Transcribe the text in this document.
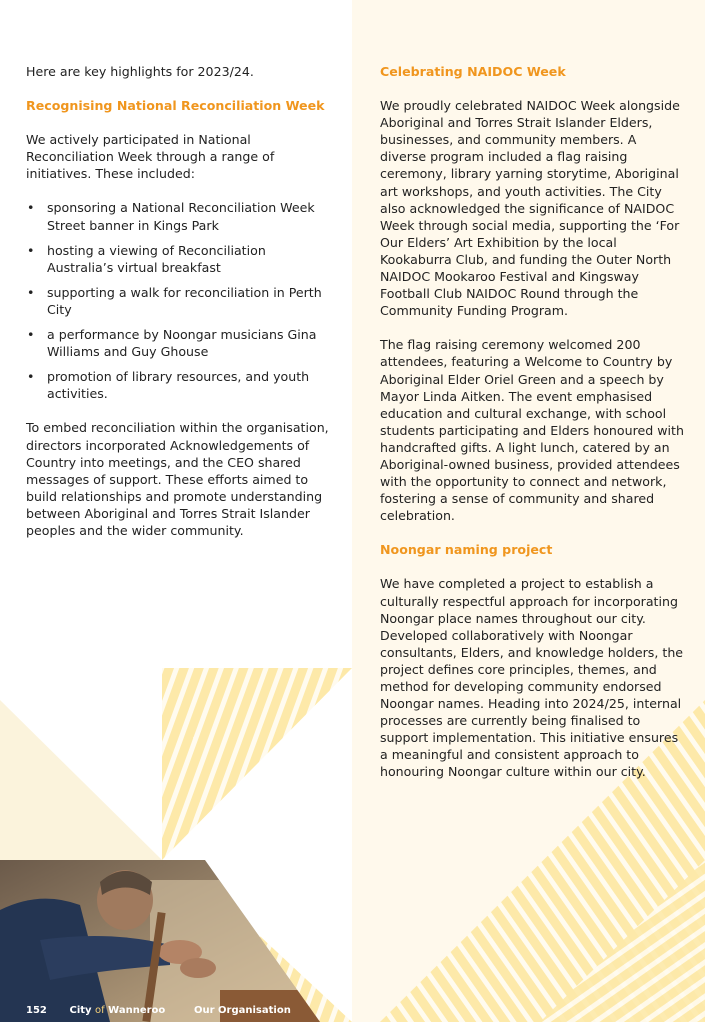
Here are key highlights for 2023/24.

Recognising National Reconciliation Week

We actively participated in National Reconciliation Week through a range of initiatives. These included:

• sponsoring a National Reconciliation Week Street banner in Kings Park
• hosting a viewing of Reconciliation Australia’s virtual breakfast
• supporting a walk for reconciliation in Perth City
• a performance by Noongar musicians Gina Williams and Guy Ghouse
• promotion of library resources, and youth activities.

To embed reconciliation within the organisation, directors incorporated Acknowledgements of Country into meetings, and the CEO shared messages of support. These efforts aimed to build relationships and promote understanding between Aboriginal and Torres Strait Islander peoples and the wider community.

Celebrating NAIDOC Week

We proudly celebrated NAIDOC Week alongside Aboriginal and Torres Strait Islander Elders, businesses, and community members. A diverse program included a flag raising ceremony, library yarning storytime, Aboriginal art workshops, and youth activities. The City also acknowledged the significance of NAIDOC Week through social media, supporting the ‘For Our Elders’ Art Exhibition by the local Kookaburra Club, and funding the Outer North NAIDOC Mookaroo Festival and Kingsway Football Club NAIDOC Round through the Community Funding Program.

The flag raising ceremony welcomed 200 attendees, featuring a Welcome to Country by Aboriginal Elder Oriel Green and a speech by Mayor Linda Aitken. The event emphasised education and cultural exchange, with school students participating and Elders honoured with handcrafted gifts. A light lunch, catered by an Aboriginal-owned business, provided attendees with the opportunity to connect and network, fostering a sense of community and shared celebration.

Noongar naming project

We have completed a project to establish a culturally respectful approach for incorporating Noongar place names throughout our city. Developed collaboratively with Noongar consultants, Elders, and knowledge holders, the project defines core principles, themes, and method for developing community endorsed Noongar names. Heading into 2024/25, internal processes are currently being finalised to support implementation. This initiative ensures a meaningful and consistent approach to honouring Noongar culture within our city.

152 City of Wanneroo	Our Organisation
